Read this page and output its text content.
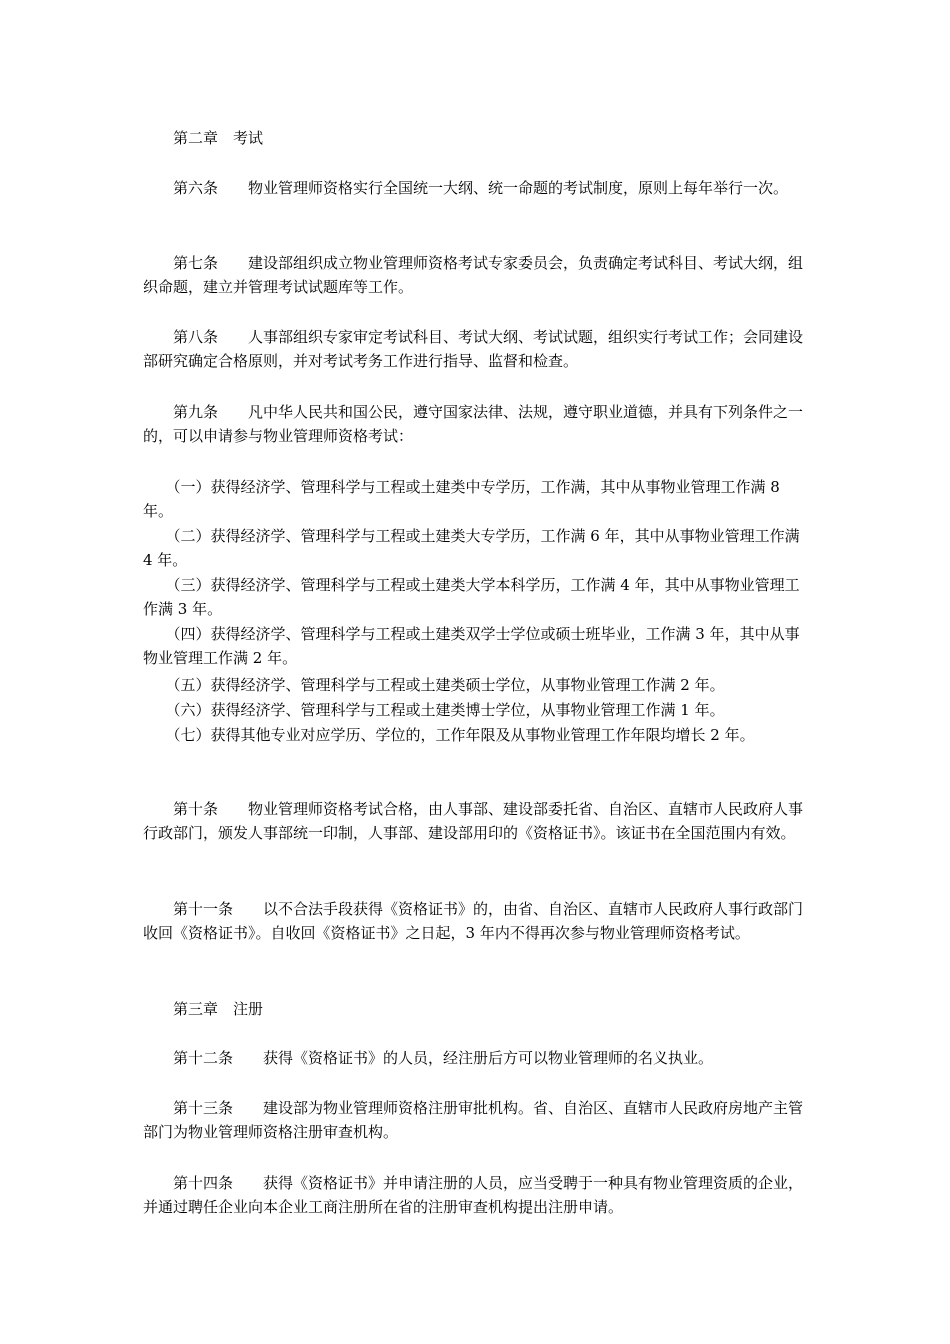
　　第二章　考试

　　第六条　　物业管理师资格实行全国统一大纲、统一命题的考试制度，原则上每年举行一次。

　　第七条　　建设部组织成立物业管理师资格考试专家委员会，负责确定考试科目、考试大纲，组织命题，建立并管理考试试题库等工作。

　　第八条　　人事部组织专家审定考试科目、考试大纲、考试试题，组织实行考试工作；会同建设部研究确定合格原则，并对考试考务工作进行指导、监督和检查。

　　第九条　　凡中华人民共和国公民，遵守国家法律、法规，遵守职业道德，并具有下列条件之一的，可以申请参与物业管理师资格考试：

　　（一）获得经济学、管理科学与工程或土建类中专学历，工作满，其中从事物业管理工作满 8 年。

　　（二）获得经济学、管理科学与工程或土建类大专学历，工作满 6 年，其中从事物业管理工作满 4 年。

　　（三）获得经济学、管理科学与工程或土建类大学本科学历，工作满 4 年，其中从事物业管理工作满 3 年。

　　（四）获得经济学、管理科学与工程或土建类双学士学位或硕士班毕业，工作满 3 年，其中从事物业管理工作满 2 年。

　　（五）获得经济学、管理科学与工程或土建类硕士学位，从事物业管理工作满 2 年。

　　（六）获得经济学、管理科学与工程或土建类博士学位，从事物业管理工作满 1 年。

　　（七）获得其他专业对应学历、学位的，工作年限及从事物业管理工作年限均增长 2 年。

　　第十条　　物业管理师资格考试合格，由人事部、建设部委托省、自治区、直辖市人民政府人事行政部门，颁发人事部统一印制，人事部、建设部用印的《资格证书》。该证书在全国范围内有效。

　　第十一条　　以不合法手段获得《资格证书》的，由省、自治区、直辖市人民政府人事行政部门收回《资格证书》。自收回《资格证书》之日起，3 年内不得再次参与物业管理师资格考试。

　　第三章　注册

　　第十二条　　获得《资格证书》的人员，经注册后方可以物业管理师的名义执业。

　　第十三条　　建设部为物业管理师资格注册审批机构。省、自治区、直辖市人民政府房地产主管部门为物业管理师资格注册审查机构。

　　第十四条　　获得《资格证书》并申请注册的人员，应当受聘于一种具有物业管理资质的企业，并通过聘任企业向本企业工商注册所在省的注册审查机构提出注册申请。
